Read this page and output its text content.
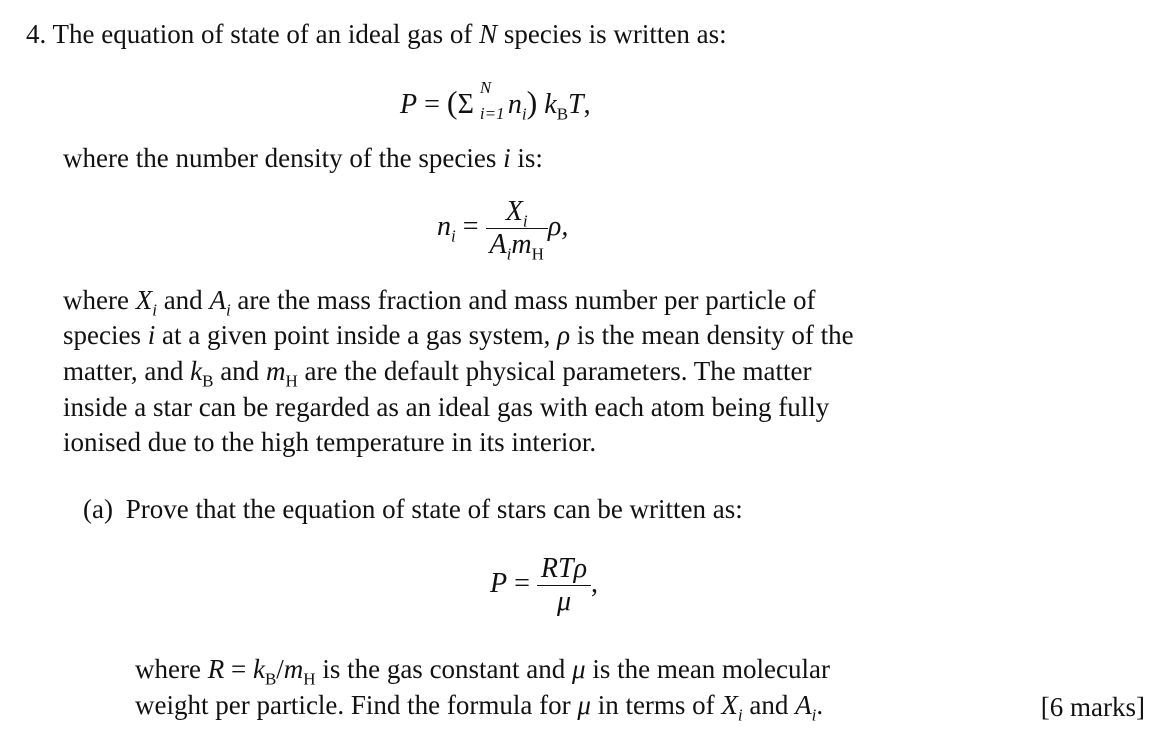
4. The equation of state of an ideal gas of N species is written as:
P = (Σ
N
i=1 $n_i$) $k_BT$,
where the number density of the species i is:
$n_i = \frac{X_i}{A_im_H} \rho$,
where $X_i$ and $A_i$ are the mass fraction and mass number per particle of
species i at a given point inside a gas system, ρ is the mean density of the
matter, and $k_B$ and $m_H$ are the default physical parameters. The matter
inside a star can be regarded as an ideal gas with each atom being fully
ionised due to the high temperature in its interior.
(a) Prove that the equation of state of stars can be written as:
$P = \frac{\text{RTρ}}{\mu}$ ,
where $R = k_B/m_H$ is the gas constant and μ is the mean molecular
weight per particle. Find the formula for μ in terms of $X_i$ and $A_i$.	[6 marks]
